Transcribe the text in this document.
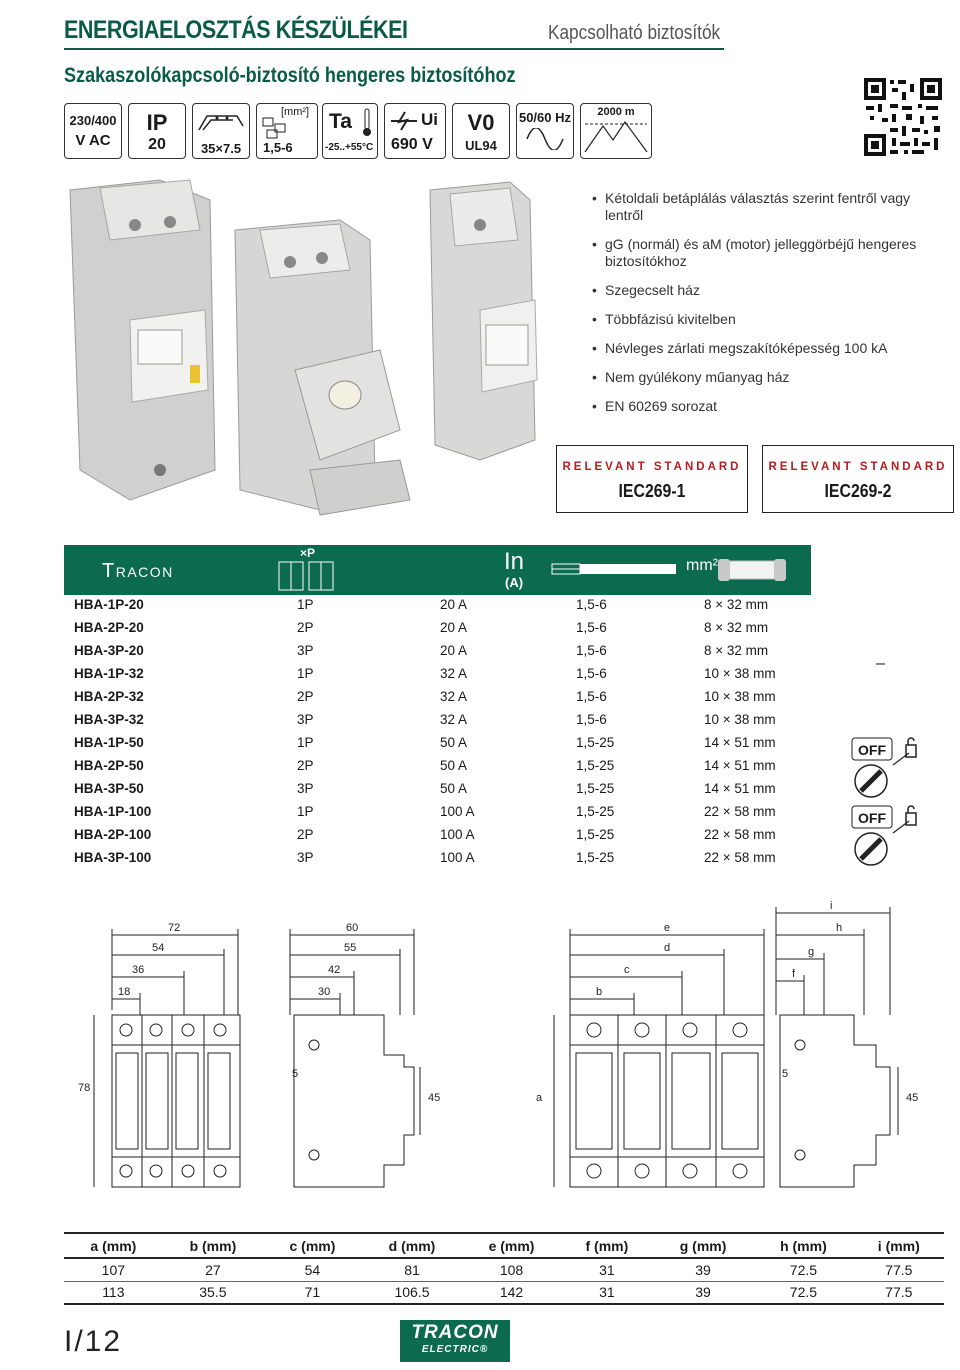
ENERGIAELOSZTÁS KÉSZÜLÉKEI	Kapcsolható biztosítók
Szakaszolókapcsoló-biztosító hengeres biztosítóhoz
230/400
V AC
IP
20	35×7.5
[mm²]
1,5-6
Ta
-25..+55°C
Ui
690 V
V0
UL94
50/60 Hz	2000 m
• Kétoldali betáplálás választás szerint fentről vagy lentről
• gG (normál) és aM (motor) jelleggörbéjű hengeres biztosítókhoz
• Szegecselt ház
• Többfázisú kivitelben
• Névleges zárlati megszakítóképesség 100 kA
• Nem gyúlékony műanyag ház
• EN 60269 sorozat
RELEVANT STANDARD
IEC269-1
RELEVANT STANDARD
IEC269-2
Tracon
×P	In
(A)
mm²
HBA-1P-20	1P	20 A	1,5-6	8 × 32 mm
HBA-2P-20	2P	20 A	1,5-6	8 × 32 mm
HBA-3P-20	3P	20 A	1,5-6	8 × 32 mm
HBA-1P-32	1P	32 A	1,5-6	10 × 38 mm
HBA-2P-32	2P	32 A	1,5-6	10 × 38 mm
HBA-3P-32	3P	32 A	1,5-6	10 × 38 mm
HBA-1P-50	1P	50 A	1,5-25	14 × 51 mm
HBA-2P-50	2P	50 A	1,5-25	14 × 51 mm
HBA-3P-50	3P	50 A	1,5-25	14 × 51 mm
HBA-1P-100	1P	100 A	1,5-25	22 × 58 mm
HBA-2P-100	2P	100 A	1,5-25	22 × 58 mm
HBA-3P-100	3P	100 A	1,5-25	22 × 58 mm
–
OFF
OFF
72
54
36
18
78
60
55
42
30
5
45	a
b
c
d
e
f
g
h
i
5
45
a (mm)	b (mm)	c (mm)	d (mm)	e (mm)	f (mm)	g (mm)	h (mm)	i (mm)
107	27	54	81	108	31	39	72.5	77.5
113	35.5	71	106.5	142	31	39	72.5	77.5
I/12	TRACON
ELECTRIC®
